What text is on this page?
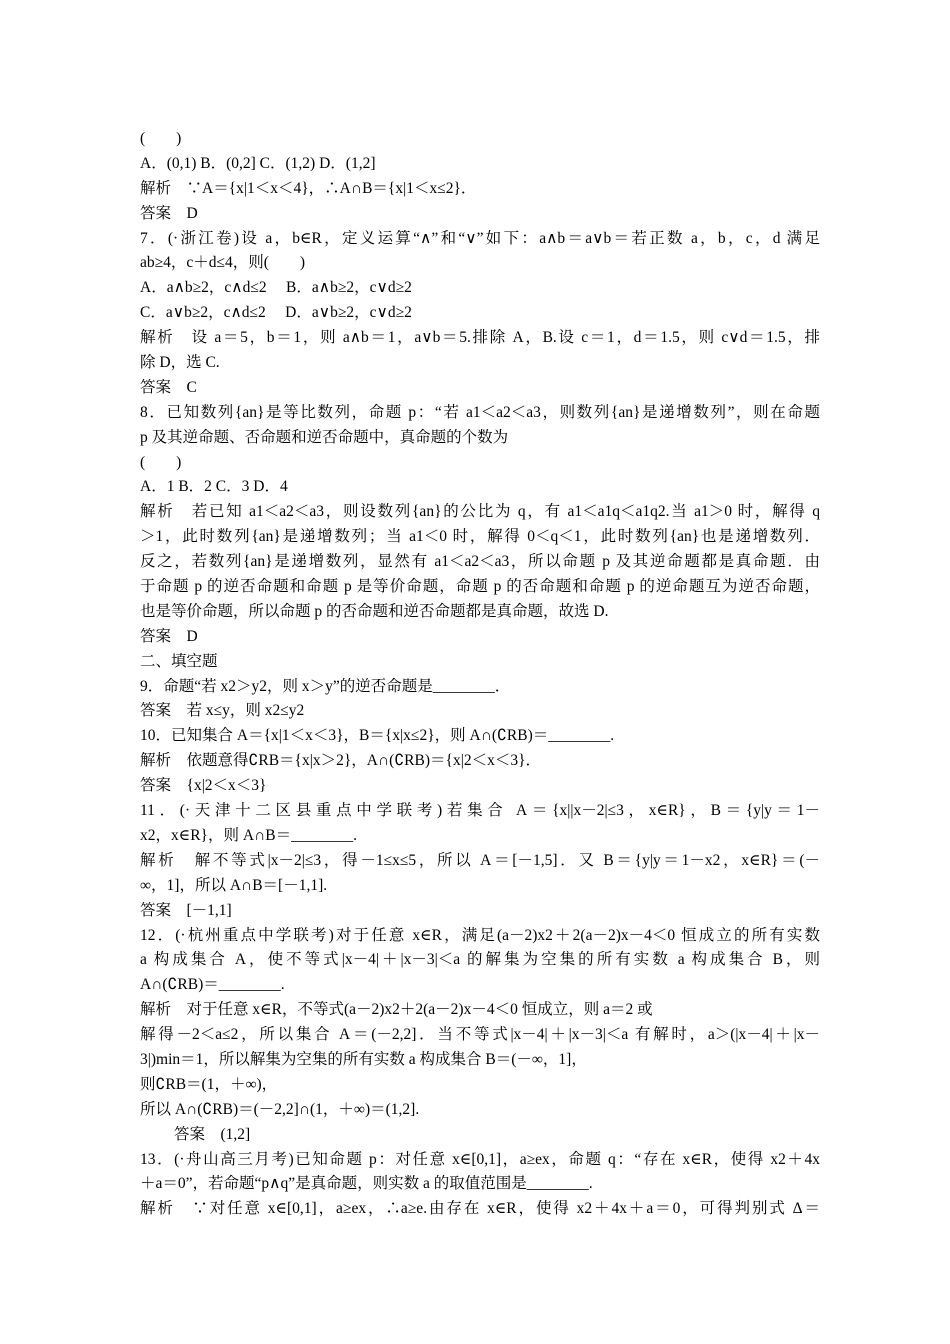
(　　)
A．(0,1) B．(0,2] C．(1,2) D．(1,2]
解析　∵A＝{x|1＜x＜4}，∴A∩B＝{x|1＜x≤2}．
答案　D
7．(·浙江卷)设 a，b∈R，定义运算“∧”和“∨”如下：a∧b＝a∨b＝若正数 a，b，c，d 满足
ab≥4，c＋d≤4，则(　　)
A．a∧b≥2，c∧d≤2　 B．a∧b≥2，c∨d≥2
C．a∨b≥2，c∧d≤2　 D．a∨b≥2，c∨d≥2
解析　设 a＝5，b＝1，则 a∧b＝1，a∨b＝5.排除 A，B.设 c＝1，d＝1.5，则 c∨d＝1.5，排
除 D，选 C.
答案　C
8．已知数列{an}是等比数列，命题 p：“若 a1＜a2＜a3，则数列{an}是递增数列”，则在命题
p 及其逆命题、否命题和逆否命题中，真命题的个数为
(　　)
A．1 B．2 C．3 D．4
解析　若已知 a1＜a2＜a3，则设数列{an}的公比为 q，有 a1＜a1q＜a1q2.当 a1＞0 时，解得 q
＞1，此时数列{an}是递增数列；当 a1＜0 时，解得 0＜q＜1，此时数列{an}也是递增数列．
反之，若数列{an}是递增数列，显然有 a1＜a2＜a3，所以命题 p 及其逆命题都是真命题．由
于命题 p 的逆否命题和命题 p 是等价命题，命题 p 的否命题和命题 p 的逆命题互为逆否命题，
也是等价命题，所以命题 p 的否命题和逆否命题都是真命题，故选 D.
答案　D
二、填空题
9．命题“若 x2＞y2，则 x＞y”的逆否命题是________．
答案　若 x≤y，则 x2≤y2
10．已知集合 A＝{x|1＜x＜3}，B＝{x|x≤2}，则 A∩(∁RB)＝________.
解析　依题意得∁RB＝{x|x＞2}，A∩(∁RB)＝{x|2＜x＜3}．
答案　{x|2＜x＜3}
11．(·天津十二区县重点中学联考)若集合 A＝{x||x－2|≤3，x∈R}，B＝{y|y＝1－
x2，x∈R}，则 A∩B＝________.
解析　解不等式|x－2|≤3，得－1≤x≤5，所以 A＝[－1,5]．又 B＝{y|y＝1－x2，x∈R}＝(－
∞，1]，所以 A∩B＝[－1,1].
答案　[－1,1]
12．(·杭州重点中学联考)对于任意 x∈R，满足(a－2)x2＋2(a－2)x－4＜0 恒成立的所有实数
a 构成集合 A，使不等式|x－4|＋|x－3|＜a 的解集为空集的所有实数 a 构成集合 B，则
A∩(∁RB)＝________.
解析　对于任意 x∈R，不等式(a－2)x2＋2(a－2)x－4＜0 恒成立，则 a＝2 或
解得－2＜a≤2，所以集合 A＝(－2,2]．当不等式|x－4|＋|x－3|＜a 有解时，a＞(|x－4|＋|x－
3|)min＝1，所以解集为空集的所有实数 a 构成集合 B＝(－∞，1]，
则∁RB＝(1，＋∞)，
所以 A∩(∁RB)＝(－2,2]∩(1，＋∞)＝(1,2].
答案　(1,2]
13．(·舟山高三月考)已知命题 p：对任意 x∈[0,1]，a≥ex，命题 q：“存在 x∈R，使得 x2＋4x
＋a＝0”，若命题“p∧q”是真命题，则实数 a 的取值范围是________.
解析　∵对任意 x∈[0,1]，a≥ex，∴a≥e.由存在 x∈R，使得 x2＋4x＋a＝0，可得判别式 Δ＝
